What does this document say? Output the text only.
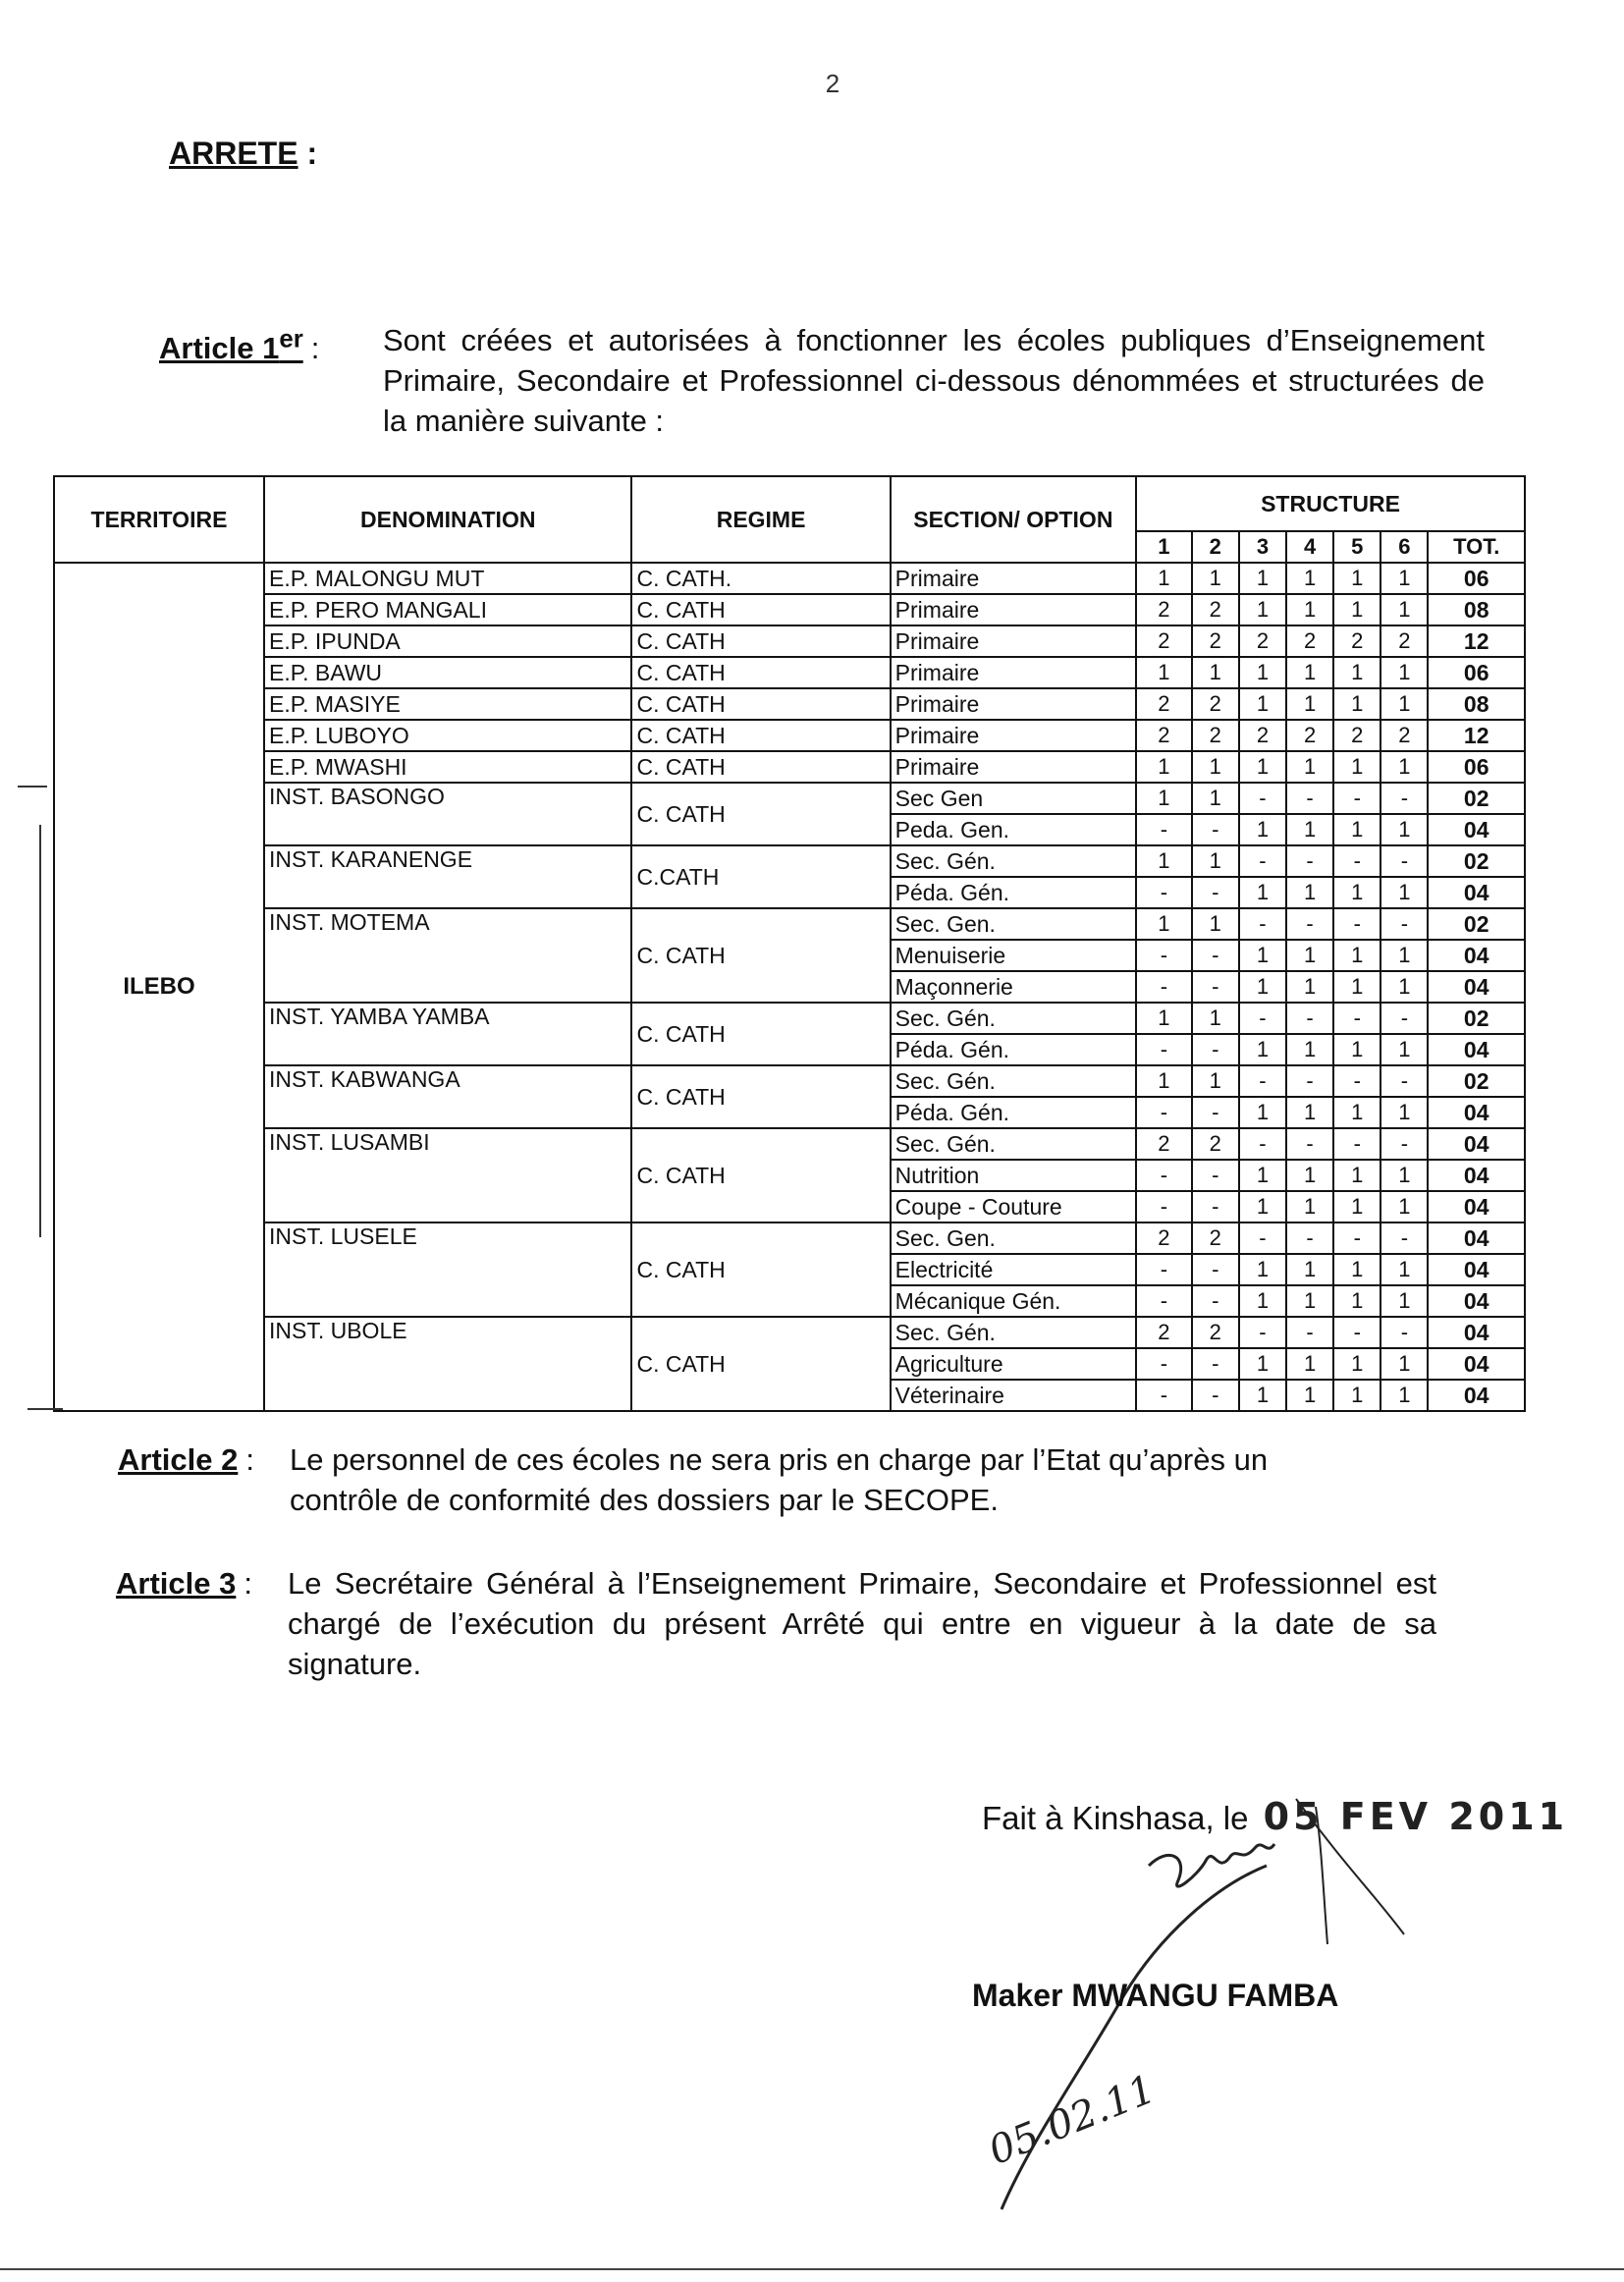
2
ARRETE :
Article 1er : Sont créées et autorisées à fonctionner les écoles publiques d’Enseignement Primaire, Secondaire et Professionnel ci-dessous dénommées et structurées de la manière suivante :
TERRITOIRE	DENOMINATION	REGIME	SECTION/ OPTION	STRUCTURE						
				1	2	3	4	5	6	TOT.
ILEBO	E.P. MALONGU MUT	C. CATH.	Primaire	1	1	1	1	1	1	06
	E.P. PERO MANGALI	C. CATH	Primaire	2	2	1	1	1	1	08
	E.P. IPUNDA	C. CATH	Primaire	2	2	2	2	2	2	12
	E.P. BAWU	C. CATH	Primaire	1	1	1	1	1	1	06
	E.P. MASIYE	C. CATH	Primaire	2	2	1	1	1	1	08
	E.P. LUBOYO	C. CATH	Primaire	2	2	2	2	2	2	12
	E.P. MWASHI	C. CATH	Primaire	1	1	1	1	1	1	06
	INST. BASONGO	C. CATH	Sec Gen	1	1	-	-	-	-	02
			Peda. Gen.	-	-	1	1	1	1	04
	INST. KARANENGE	C.CATH	Sec. Gén.	1	1	-	-	-	-	02
			Péda. Gén.	-	-	1	1	1	1	04
	INST. MOTEMA	C. CATH	Sec. Gen.	1	1	-	-	-	-	02
			Menuiserie	-	-	1	1	1	1	04
			Maçonnerie	-	-	1	1	1	1	04
	INST. YAMBA YAMBA	C. CATH	Sec. Gén.	1	1	-	-	-	-	02
			Péda. Gén.	-	-	1	1	1	1	04
	INST. KABWANGA	C. CATH	Sec. Gén.	1	1	-	-	-	-	02
			Péda. Gén.	-	-	1	1	1	1	04
	INST. LUSAMBI	C. CATH	Sec. Gén.	2	2	-	-	-	-	04
			Nutrition	-	-	1	1	1	1	04
			Coupe - Couture	-	-	1	1	1	1	04
	INST. LUSELE	C. CATH	Sec. Gen.	2	2	-	-	-	-	04
			Electricité	-	-	1	1	1	1	04
			Mécanique Gén.	-	-	1	1	1	1	04
	INST. UBOLE	C. CATH	Sec. Gén.	2	2	-	-	-	-	04
			Agriculture	-	-	1	1	1	1	04
			Véterinaire	-	-	1	1	1	1	04
Article 2 : Le personnel de ces écoles ne sera pris en charge par l’Etat qu’après un contrôle de conformité des dossiers par le SECOPE.
Article 3 : Le Secrétaire Général à l’Enseignement Primaire, Secondaire et Professionnel est chargé de l’exécution du présent Arrêté qui entre en vigueur à la date de sa signature.
Fait à Kinshasa, le 05 FEV 2011
Maker MWANGU FAMBA
05.02.11
